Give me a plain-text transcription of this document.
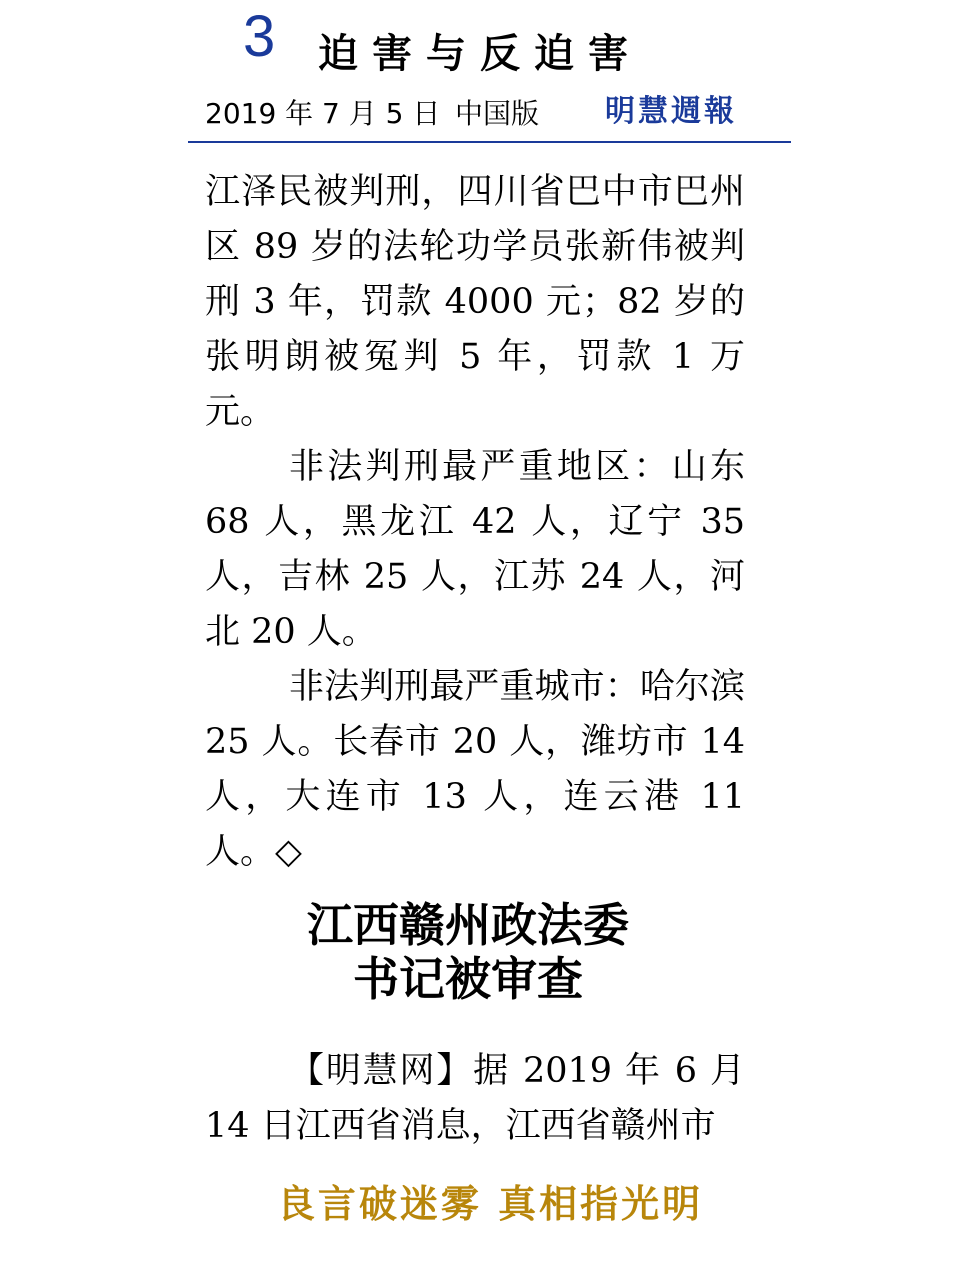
3 迫害与反迫害
2019 年 7 月 5 日 中国版 明慧週報

江泽民被判刑，四川省巴中市巴州区 89 岁的法轮功学员张新伟被判刑 3 年，罚款 4000 元；82 岁的张明朗被冤判 5 年，罚款 1 万元。

非法判刑最严重地区：山东 68 人，黑龙江 42 人，辽宁 35 人，吉林 25 人，江苏 24 人，河北 20 人。

非法判刑最严重城市：哈尔滨 25 人。长春市 20 人，潍坊市 14 人，大连市 13 人，连云港 11 人。◇

江西赣州政法委
书记被审查

【明慧网】据 2019 年 6 月 14 日江西省消息，江西省赣州市

良言破迷雾 真相指光明
